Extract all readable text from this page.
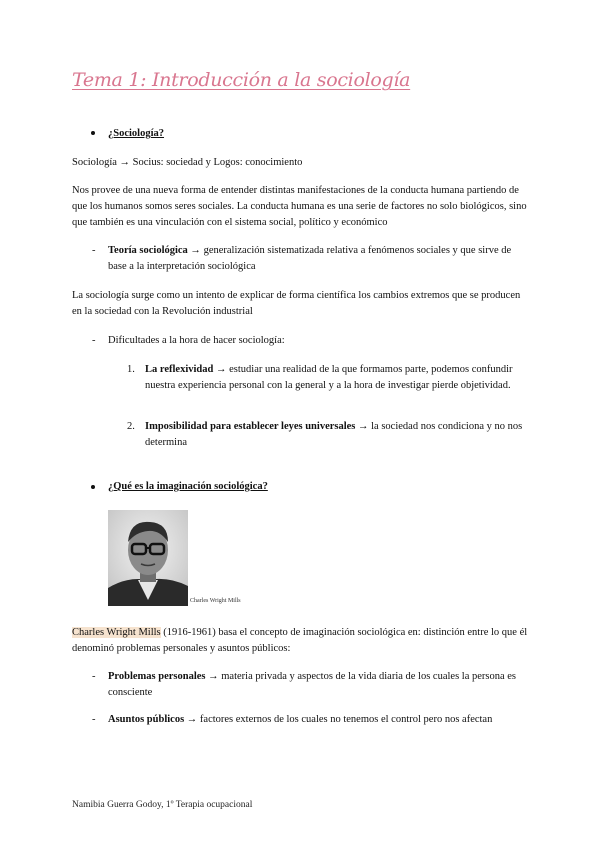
Tema 1: Introducción a la sociología
¿Sociología?
Sociología → Socius: sociedad y Logos: conocimiento
Nos provee de una nueva forma de entender distintas manifestaciones de la conducta humana partiendo de que los humanos somos seres sociales. La conducta humana es una serie de factores no solo biológicos, sino que también es una vinculación con el sistema social, político y económico
- Teoría sociológica → generalización sistematizada relativa a fenómenos sociales y que sirve de base a la interpretación sociológica
La sociología surge como un intento de explicar de forma científica los cambios extremos que se producen en la sociedad con la Revolución industrial
- Dificultades a la hora de hacer sociología:
1. La reflexividad → estudiar una realidad de la que formamos parte, podemos confundir nuestra experiencia personal con la general y a la hora de investigar pierde objetividad.
2. Imposibilidad para establecer leyes universales → la sociedad nos condiciona y no nos determina
¿Qué es la imaginación sociológica?
Charles Wright Mills
Charles Wright Mills (1916-1961) basa el concepto de imaginación sociológica en: distinción entre lo que él denominó problemas personales y asuntos públicos:
- Problemas personales → materia privada y aspectos de la vida diaria de los cuales la persona es consciente
- Asuntos públicos → factores externos de los cuales no tenemos el control pero nos afectan
Namibia Guerra Godoy, 1º Terapia ocupacional
